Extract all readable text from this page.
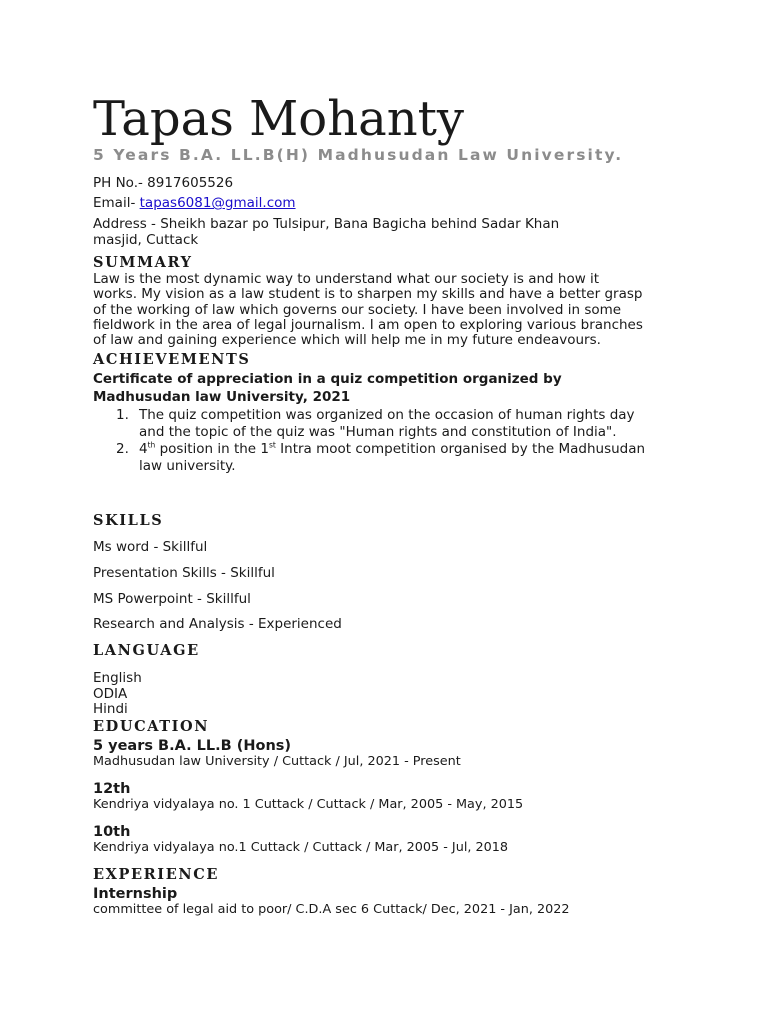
Tapas Mohanty
5 Years B.A. LL.B(H) Madhusudan Law University.
PH No.- 8917605526
Email- tapas6081@gmail.com
Address - Sheikh bazar po Tulsipur, Bana Bagicha behind Sadar Khan
masjid, Cuttack
SUMMARY
Law is the most dynamic way to understand what our society is and how it
works. My vision as a law student is to sharpen my skills and have a better grasp
of the working of law which governs our society. I have been involved in some
fieldwork in the area of legal journalism. I am open to exploring various branches
of law and gaining experience which will help me in my future endeavours.
ACHIEVEMENTS
Certificate of appreciation in a quiz competition organized by
Madhusudan law University, 2021
1. The quiz competition was organized on the occasion of human rights day
and the topic of the quiz was "Human rights and constitution of India".
2. 4th position in the 1st Intra moot competition organised by the Madhusudan
law university.
SKILLS
Ms word - Skillful
Presentation Skills - Skillful
MS Powerpoint - Skillful
Research and Analysis - Experienced
LANGUAGE
English
ODIA
Hindi
EDUCATION
5 years B.A. LL.B (Hons)
Madhusudan law University / Cuttack / Jul, 2021 - Present
12th
Kendriya vidyalaya no. 1 Cuttack / Cuttack / Mar, 2005 - May, 2015
10th
Kendriya vidyalaya no.1 Cuttack / Cuttack / Mar, 2005 - Jul, 2018
EXPERIENCE
Internship
committee of legal aid to poor/ C.D.A sec 6 Cuttack/ Dec, 2021 - Jan, 2022
